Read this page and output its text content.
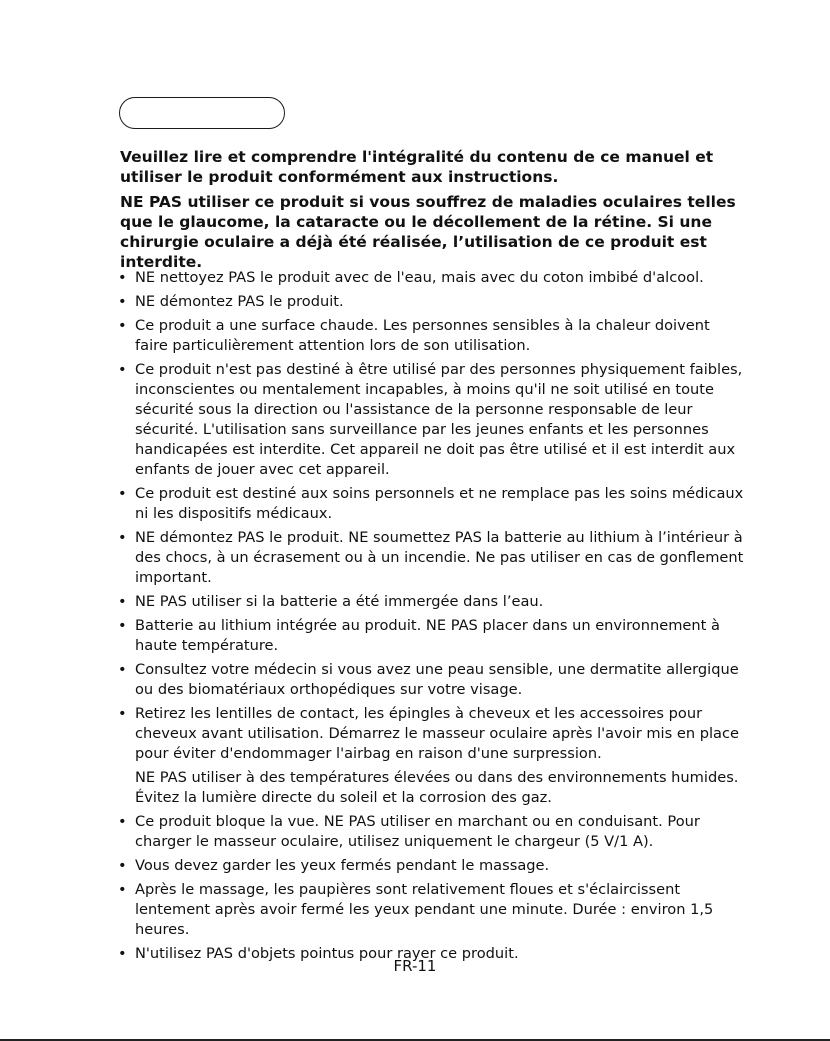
Veuillez lire et comprendre l'intégralité du contenu de ce manuel et utiliser le produit conformément aux instructions.

NE PAS utiliser ce produit si vous souffrez de maladies oculaires telles que le glaucome, la cataracte ou le décollement de la rétine. Si une chirurgie oculaire a déjà été réalisée, l’utilisation de ce produit est interdite.

• NE nettoyez PAS le produit avec de l'eau, mais avec du coton imbibé d'alcool.
• NE démontez PAS le produit.
• Ce produit a une surface chaude. Les personnes sensibles à la chaleur doivent faire particulièrement attention lors de son utilisation.
• Ce produit n'est pas destiné à être utilisé par des personnes physiquement faibles, inconscientes ou mentalement incapables, à moins qu'il ne soit utilisé en toute sécurité sous la direction ou l'assistance de la personne responsable de leur sécurité. L'utilisation sans surveillance par les jeunes enfants et les personnes handicapées est interdite. Cet appareil ne doit pas être utilisé et il est interdit aux enfants de jouer avec cet appareil.
• Ce produit est destiné aux soins personnels et ne remplace pas les soins médicaux ni les dispositifs médicaux.
• NE démontez PAS le produit. NE soumettez PAS la batterie au lithium à l’intérieur à des chocs, à un écrasement ou à un incendie. Ne pas utiliser en cas de gonflement important.
• NE PAS utiliser si la batterie a été immergée dans l’eau.
• Batterie au lithium intégrée au produit. NE PAS placer dans un environnement à haute température.
• Consultez votre médecin si vous avez une peau sensible, une dermatite allergique ou des biomatériaux orthopédiques sur votre visage.
• Retirez les lentilles de contact, les épingles à cheveux et les accessoires pour cheveux avant utilisation. Démarrez le masseur oculaire après l'avoir mis en place pour éviter d'endommager l'airbag en raison d'une surpression.
NE PAS utiliser à des températures élevées ou dans des environnements humides. Évitez la lumière directe du soleil et la corrosion des gaz.
• Ce produit bloque la vue. NE PAS utiliser en marchant ou en conduisant. Pour charger le masseur oculaire, utilisez uniquement le chargeur (5 V/1 A).
• Vous devez garder les yeux fermés pendant le massage.
• Après le massage, les paupières sont relativement floues et s'éclaircissent lentement après avoir fermé les yeux pendant une minute. Durée : environ 1,5 heures.
• N'utilisez PAS d'objets pointus pour rayer ce produit.
FR-11
